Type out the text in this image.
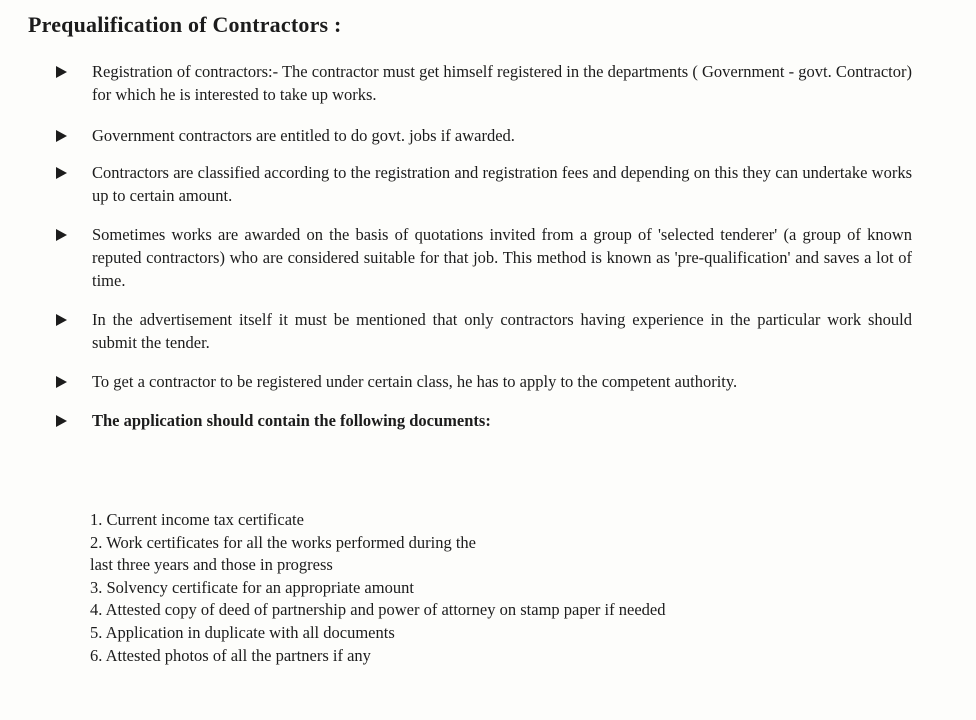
Prequalification of Contractors :
Registration of contractors:- The contractor must get himself registered in the departments ( Government - govt. Contractor) for which he is interested to take up works.
Government contractors are entitled to do govt. jobs if awarded.
Contractors are classified according to the registration and registration fees and depending on this they can undertake works up to certain amount.
Sometimes works are awarded on the basis of quotations invited from a group of 'selected tenderer' (a group of known reputed contractors) who are considered suitable for that job. This method is known as 'pre-qualification' and saves a lot of time.
In the advertisement itself it must be mentioned that only contractors having experience in the particular work should submit the tender.
To get a contractor to be registered under certain class, he has to apply to the competent authority.
The application should contain the following documents:
1. Current income tax certificate
2. Work certificates for all the works performed during the
last three years and those in progress
3. Solvency certificate for an appropriate amount
4. Attested copy of deed of partnership and power of attorney on stamp paper if needed
5. Application in duplicate with all documents
6. Attested photos of all the partners if any
